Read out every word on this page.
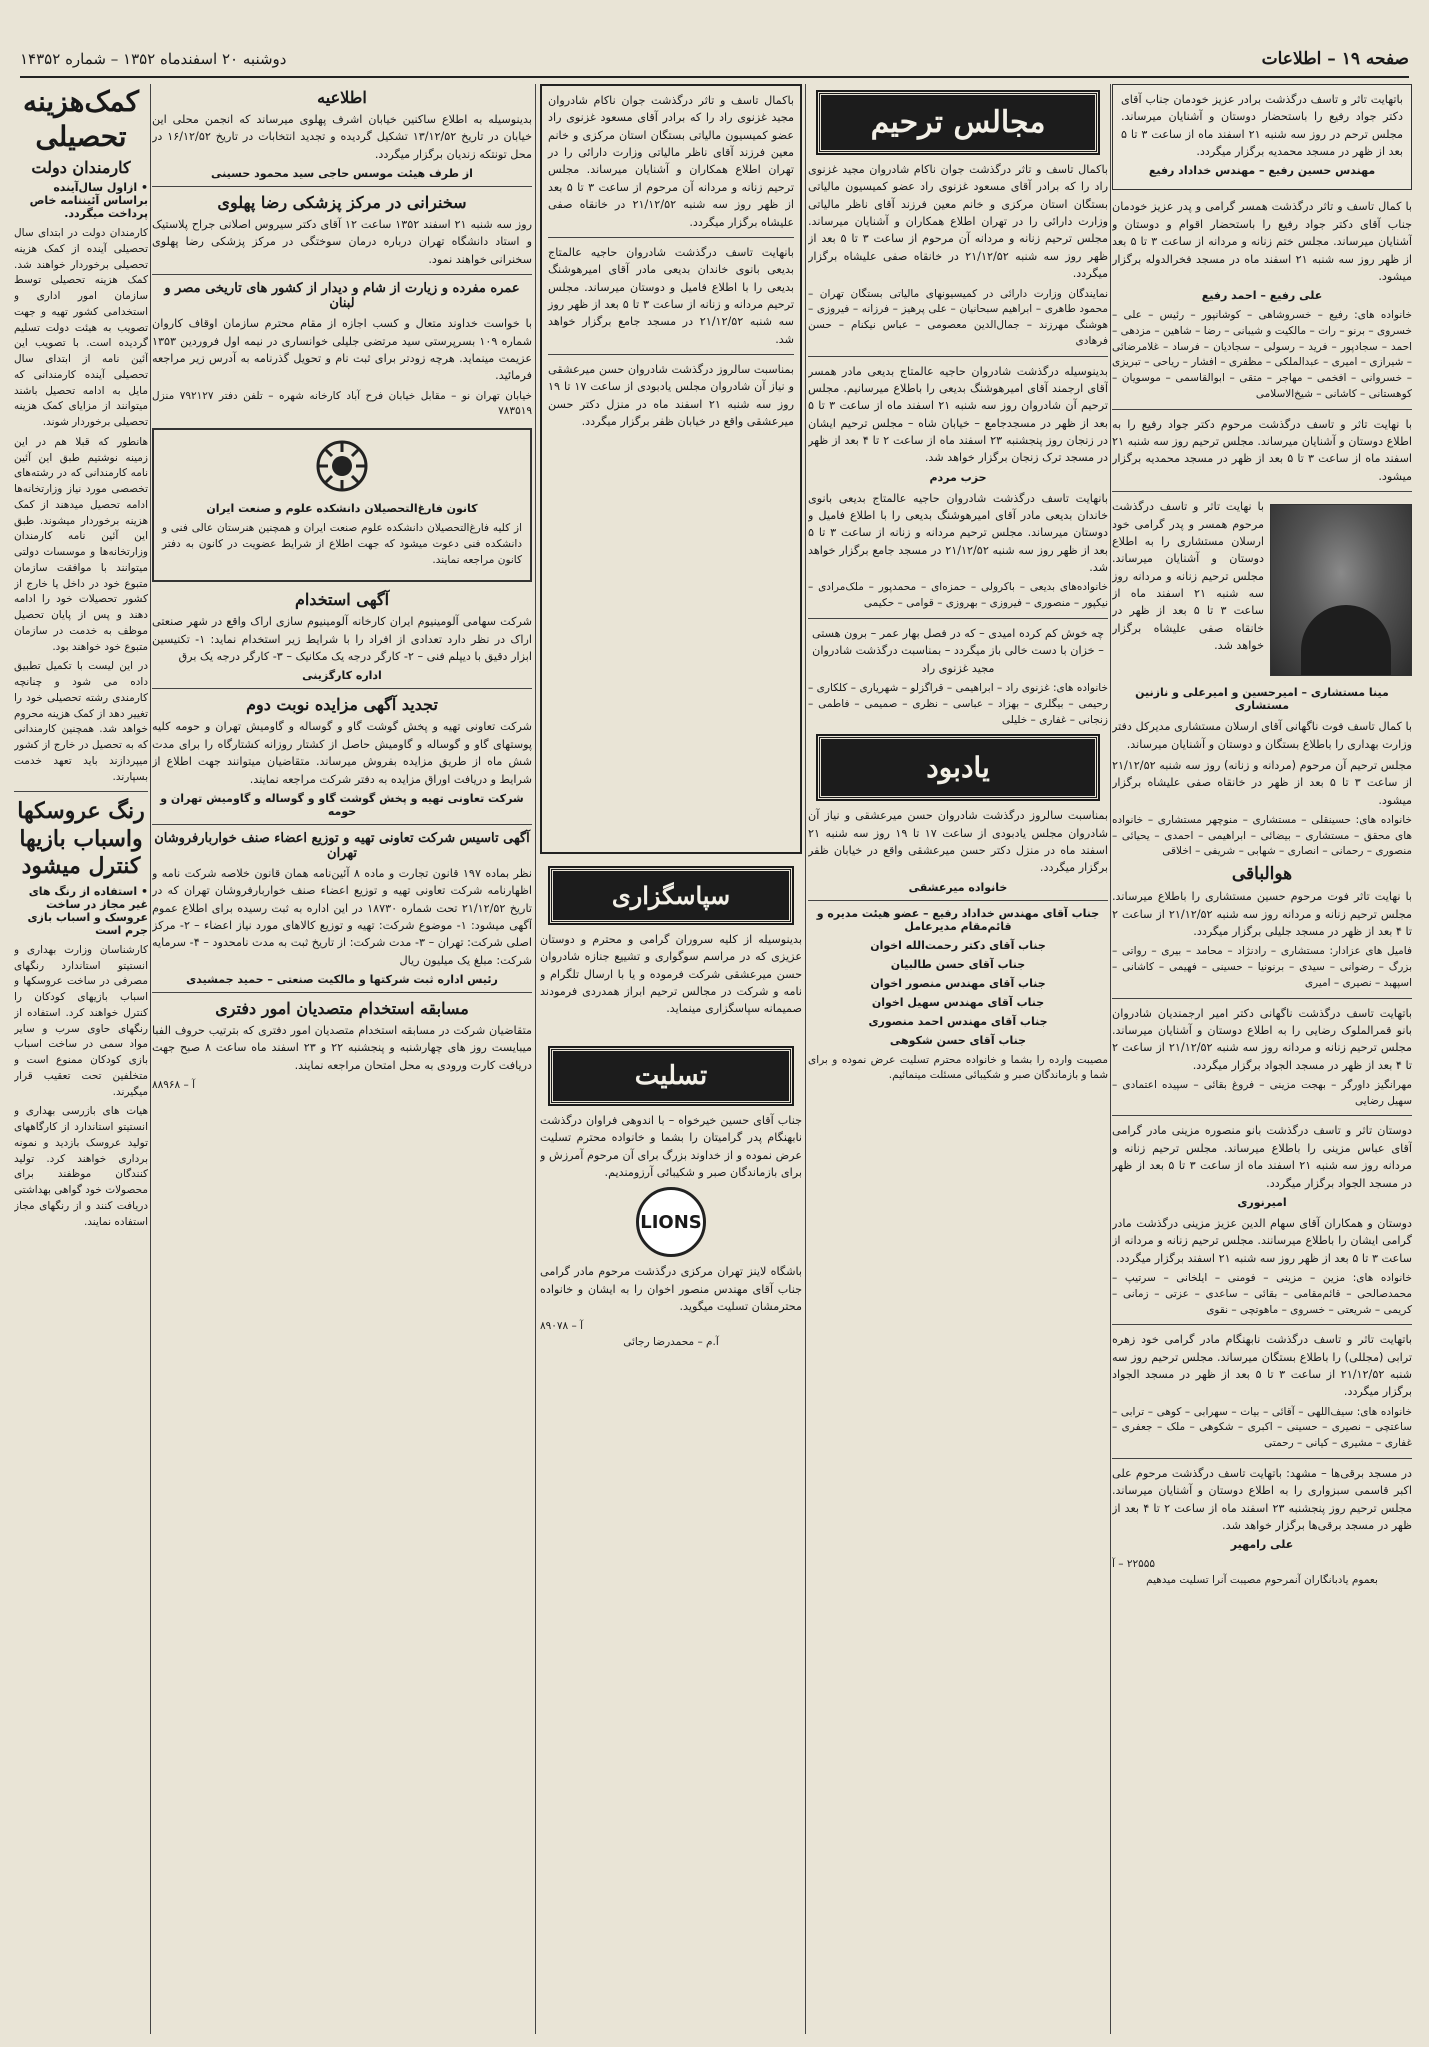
صفحه ۱۹ – اطلاعات
دوشنبه ۲۰ اسفندماه ۱۳۵۲ – شماره ۱۴۳۵۲

باتهایت تاثر و تاسف درگذشت برادر عزیز خودمان جناب آقای دکتر جواد رفیع را باستحضار دوستان و آشنایان میرساند. مجلس ترحم در روز سه شنبه ۲۱ اسفند ماه از ساعت ۳ تا ۵ بعد از ظهر در مسجد محمدیه برگزار میگردد.

مهندس حسین رفیع – مهندس خداداد رفیع

با کمال تاسف و تاثر درگذشت همسر گرامی و پدر عزیز خودمان جناب آقای دکتر جواد رفیع را باستحضار اقوام و دوستان و آشنایان میرساند. مجلس ختم زنانه و مردانه از ساعت ۳ تا ۵ بعد از ظهر روز سه شنبه ۲۱ اسفند ماه در مسجد فخرالدوله برگزار میشود.

علی رفیع – احمد رفیع

خانواده های: رفیع – خسروشاهی – کوشانپور – رئیس – علی – خسروی – برنو – رات – مالکیت و شیبانی – رضا – شاهین – مزدهی – احمد – سجادپور – فرید – رسولی – سجادیان – فرساد – غلامرضائی – شیرازی – امیری – عبدالملکی – مظفری – افشار – ریاحی – تبریزی – خسروانی – افخمی – مهاجر – متقی – ابوالقاسمی – موسویان – کوهستانی – کاشانی – شیخ‌الاسلامی

با نهایت تاثر و تاسف درگذشت مرحوم دکتر جواد رفیع را به اطلاع دوستان و آشنایان میرساند. مجلس ترحیم روز سه شنبه ۲۱ اسفند ماه از ساعت ۳ تا ۵ بعد از ظهر در مسجد محمدیه برگزار میشود.

با نهایت تاثر و تاسف درگذشت مرحوم همسر و پدر گرامی خود ارسلان مستشاری را به اطلاع دوستان و آشنایان میرساند. مجلس ترحیم زنانه و مردانه روز سه شنبه ۲۱ اسفند ماه از ساعت ۳ تا ۵ بعد از ظهر در خانقاه صفی علیشاه برگزار خواهد شد.

مینا مستشاری – امیرحسین و امیرعلی و نازنین مستشاری

با کمال تاسف فوت ناگهانی آقای ارسلان مستشاری مدیرکل دفتر وزارت بهداری را باطلاع بستگان و دوستان و آشنایان میرساند.

مجلس ترحیم آن مرحوم (مردانه و زنانه) روز سه شنبه ۲۱/۱۲/۵۲ از ساعت ۳ تا ۵ بعد از ظهر در خانقاه صفی علیشاه برگزار میشود.

خانواده های: حسینقلی – مستشاری – منوچهر مستشاری – خانواده های محقق – مستشاری – بیضائی – ابراهیمی – احمدی – یحیائی – منصوری – رحمانی – انصاری – شهابی – شریفی – اخلاقی

هوالباقی

با نهایت تاثر فوت مرحوم حسین مستشاری را باطلاع میرساند. مجلس ترحیم زنانه و مردانه روز سه شنبه ۲۱/۱۲/۵۲ از ساعت ۲ تا ۴ بعد از ظهر در مسجد جلیلی برگزار میگردد.

فامیل های عزادار: مستشاری – رادنژاد – محامد – بیری – رواتی – بزرگ – رضوانی – سیدی – برنونیا – حسینی – فهیمی – کاشانی – اسپهبد – نصیری – امیری

باتهایت تاسف درگذشت ناگهانی دکتر امیر ارجمندیان شادروان بانو قمرالملوک رضایی را به اطلاع دوستان و آشنایان میرساند. مجلس ترحیم زنانه و مردانه روز سه شنبه ۲۱/۱۲/۵۲ از ساعت ۲ تا ۴ بعد از ظهر در مسجد الجواد برگزار میگردد.

مهرانگیز داورگر – بهجت مزینی – فروغ بقائی – سپیده اعتمادی – سهیل رضایی

دوستان تاثر و تاسف درگذشت بانو منصوره مزینی مادر گرامی آقای عباس مزینی را باطلاع میرساند. مجلس ترحیم زنانه و مردانه روز سه شنبه ۲۱ اسفند ماه از ساعت ۳ تا ۵ بعد از ظهر در مسجد الجواد برگزار میگردد.

امیرنوری

دوستان و همکاران آقای سهام الدین عزیز مزینی درگذشت مادر گرامی ایشان را باطلاع میرسانند. مجلس ترحیم زنانه و مردانه از ساعت ۳ تا ۵ بعد از ظهر روز سه شنبه ۲۱ اسفند برگزار میگردد.

خانواده های: مزین – مزینی – فومنی – ایلخانی – سرتیپ – محمدصالحی – قائم‌مقامی – بقائی – ساعدی – عزتی – زمانی – کریمی – شریعتی – خسروی – ماهوتچی – نقوی

باتهایت تاثر و تاسف درگذشت نابهنگام مادر گرامی خود زهره ترابی (مجللی) را باطلاع بستگان میرساند. مجلس ترحیم روز سه شنبه ۲۱/۱۲/۵۲ از ساعت ۳ تا ۵ بعد از ظهر در مسجد الجواد برگزار میگردد.

خانواده های: سیف‌اللهی – آقائی – بیات – سهرابی – کوهی – ترابی – ساعتچی – نصیری – حسینی – اکبری – شکوهی – ملک – جعفری – غفاری – مشیری – کیانی – رحمتی

در مسجد برقی‌ها – مشهد: باتهایت تاسف درگذشت مرحوم علی اکبر قاسمی سبزواری را به اطلاع دوستان و آشنایان میرساند. مجلس ترحیم روز پنجشنبه ۲۳ اسفند ماه از ساعت ۲ تا ۴ بعد از ظهر در مسجد برقی‌ها برگزار خواهد شد.

علی رامهیر
۲۲۵۵۵ – آ
بعموم یادبانگاران آنمرحوم مصیبت آنرا تسلیت میدهیم
مجالس ترحیم

باکمال تاسف و تاثر درگذشت جوان ناکام شادروان مجید غزنوی راد را که برادر آقای مسعود غزنوی راد عضو کمیسیون مالیاتی بستگان استان مرکزی و خانم معین فرزند آقای ناظر مالیاتی وزارت دارائی را در تهران اطلاع همکاران و آشنایان میرساند. مجلس ترحیم زنانه و مردانه آن مرحوم از ساعت ۳ تا ۵ بعد از ظهر روز سه شنبه ۲۱/۱۲/۵۲ در خانقاه صفی علیشاه برگزار میگردد.

نمایندگان وزارت دارائی در کمیسیونهای مالیاتی بستگان تهران – محمود طاهری – ابراهیم سبحانیان – علی پرهیز – فرزانه – فیروزی – هوشنگ مهرزند – جمال‌الدین معصومی – عباس نیکنام – حسن فرهادی

بدینوسیله درگذشت شادروان حاجیه عالمتاج بدیعی مادر همسر آقای ارجمند آقای امیرهوشنگ بدیعی را باطلاع میرسانیم. مجلس ترحیم آن شادروان روز سه شنبه ۲۱ اسفند ماه از ساعت ۳ تا ۵ بعد از ظهر در مسجدجامع – خیابان شاه – مجلس ترحیم ایشان در زنجان روز پنجشنبه ۲۳ اسفند ماه از ساعت ۲ تا ۴ بعد از ظهر در مسجد ترک زنجان برگزار خواهد شد.

حزب مردم

بانهایت تاسف درگذشت شادروان حاجیه عالمتاج بدیعی بانوی خاندان بدیعی مادر آقای امیرهوشنگ بدیعی را با اطلاع فامیل و دوستان میرساند. مجلس ترحیم مردانه و زنانه از ساعت ۳ تا ۵ بعد از ظهر روز سه شنبه ۲۱/۱۲/۵۲ در مسجد جامع برگزار خواهد شد.

خانواده‌های بدیعی – باکرولی – حمزه‌ای – محمدپور – ملک‌مرادی – نیکپور – منصوری – فیروزی – بهروزی – قوامی – حکیمی

چه خوش کم کرده امیدی – که در فصل بهار عمر – برون هستی – خزان با دست خالی باز میگردد – بمناسبت درگذشت شادروان مجید غزنوی راد

خانواده های: غزنوی راد – ابراهیمی – قراگزلو – شهریاری – کلکاری – رحیمی – بیگلری – بهزاد – عباسی – نظری – صمیمی – فاطمی – زنجانی – غفاری – خلیلی

یادبود

بمناسبت سالروز درگذشت شادروان حسن میرعشقی و نیاز آن شادروان مجلس یادبودی از ساعت ۱۷ تا ۱۹ روز سه شنبه ۲۱ اسفند ماه در منزل دکتر حسن میرعشقی واقع در خیابان ظفر برگزار میگردد.

خانواده میرعشقی
جناب آقای مهندس خداداد رفیع – عضو هیئت مدیره و قائم‌مقام مدیرعامل
جناب آقای دکتر رحمت‌الله اخوان
جناب آقای حسن طالبیان
جناب آقای مهندس منصور اخوان
جناب آقای مهندس سهیل اخوان
جناب آقای مهندس احمد منصوری
جناب آقای حسن شکوهی

مصیبت وارده را بشما و خانواده محترم تسلیت عرض نموده و برای شما و بازماندگان صبر و شکیبائی مسئلت مینمائیم.

سپاسگزاری

بدینوسیله از کلیه سروران گرامی و محترم و دوستان عزیزی که در مراسم سوگواری و تشییع جنازه شادروان حسن میرعشقی شرکت فرموده و یا با ارسال تلگرام و نامه و شرکت در مجالس ترحیم ابراز همدردی فرمودند صمیمانه سپاسگزاری مینماید.

تسلیت

جناب آقای حسین خیرخواه – با اندوهی فراوان درگذشت نابهنگام پدر گرامیتان را بشما و خانواده محترم تسلیت عرض نموده و از خداوند بزرگ برای آن مرحوم آمرزش و برای بازماندگان صبر و شکیبائی آرزومندیم.

LIONS

باشگاه لاینز تهران مرکزی درگذشت مرحوم مادر گرامی جناب آقای مهندس منصور اخوان را به ایشان و خانواده محترمشان تسلیت میگوید.

آ – ۸۹۰۷۸
آ.م – محمدرضا رجائی

باکمال تاسف و تاثر درگذشت جوان ناکام شادروان مجید غزنوی راد را که برادر آقای مسعود غزنوی راد عضو کمیسیون مالیاتی بستگان استان مرکزی و خانم معین فرزند آقای ناظر مالیاتی وزارت دارائی را در تهران اطلاع همکاران و آشنایان میرساند. مجلس ترحیم زنانه و مردانه آن مرحوم از ساعت ۳ تا ۵ بعد از ظهر روز سه شنبه ۲۱/۱۲/۵۲ در خانقاه صفی علیشاه برگزار میگردد.

بانهایت تاسف درگذشت شادروان حاجیه عالمتاج بدیعی بانوی خاندان بدیعی مادر آقای امیرهوشنگ بدیعی را با اطلاع فامیل و دوستان میرساند. مجلس ترحیم مردانه و زنانه از ساعت ۳ تا ۵ بعد از ظهر روز سه شنبه ۲۱/۱۲/۵۲ در مسجد جامع برگزار خواهد شد.

بمناسبت سالروز درگذشت شادروان حسن میرعشقی و نیاز آن شادروان مجلس یادبودی از ساعت ۱۷ تا ۱۹ روز سه شنبه ۲۱ اسفند ماه در منزل دکتر حسن میرعشقی واقع در خیابان ظفر برگزار میگردد.

اطلاعیه

بدینوسیله به اطلاع ساکنین خیابان اشرف پهلوی میرساند که انجمن محلی این خیابان در تاریخ ۱۳/۱۲/۵۲ تشکیل گردیده و تجدید انتخابات در تاریخ ۱۶/۱۲/۵۲ در محل تونتکه زندیان برگزار میگردد.

از طرف هیئت موسس حاجی سید محمود حسینی
سخنرانی در مرکز پزشکی رضا پهلوی

روز سه شنبه ۲۱ اسفند ۱۳۵۲ ساعت ۱۲ آقای دکتر سیروس اصلانی جراح پلاستیک و استاد دانشگاه تهران درباره درمان سوختگی در مرکز پزشکی رضا پهلوی سخنرانی خواهند نمود.

عمره مفرده و زیارت از شام و دیدار از کشور های تاریخی مصر و لبنان

با خواست خداوند متعال و کسب اجازه از مقام محترم سازمان اوقاف کاروان شماره ۱۰۹ بسرپرستی سید مرتضی جلیلی خوانساری در نیمه اول فروردین ۱۳۵۳ عزیمت مینماید. هرچه زودتر برای ثبت نام و تحویل گذرنامه به آدرس زیر مراجعه فرمائید.

خیابان تهران نو – مقابل خیابان فرح آباد کارخانه شهره – تلفن دفتر ۷۹۲۱۲۷ منزل ۷۸۳۵۱۹

کانون فارغ‌التحصیلان دانشکده علوم و صنعت ایران

از کلیه فارغ‌التحصیلان دانشکده علوم صنعت ایران و همچنین هنرستان عالی فنی و دانشکده فنی دعوت میشود که جهت اطلاع از شرایط عضویت در کانون به دفتر کانون مراجعه نمایند.

آگهی استخدام

شرکت سهامی آلومینیوم ایران کارخانه آلومینیوم سازی اراک واقع در شهر صنعتی اراک در نظر دارد تعدادی از افراد را با شرایط زیر استخدام نماید: ۱- تکنیسین ابزار دقیق با دیپلم فنی – ۲- کارگر درجه یک مکانیک – ۳- کارگر درجه یک برق

اداره کارگزینی
تجدید آگهی مزایده نوبت دوم

شرکت تعاونی تهیه و پخش گوشت گاو و گوساله و گاومیش تهران و حومه کلیه پوستهای گاو و گوساله و گاومیش حاصل از کشتار روزانه کشتارگاه را برای مدت شش ماه از طریق مزایده بفروش میرساند. متقاضیان میتوانند جهت اطلاع از شرایط و دریافت اوراق مزایده به دفتر شرکت مراجعه نمایند.

شرکت تعاونی تهیه و پخش گوشت گاو و گوساله و گاومیش تهران و حومه
آگهی تاسیس شرکت تعاونی تهیه و توزیع اعضاء صنف خواربارفروشان تهران

نظر بماده ۱۹۷ قانون تجارت و ماده ۸ آئین‌نامه همان قانون خلاصه شرکت نامه و اظهارنامه شرکت تعاونی تهیه و توزیع اعضاء صنف خواربارفروشان تهران که در تاریخ ۲۱/۱۲/۵۲ تحت شماره ۱۸۷۳۰ در این اداره به ثبت رسیده برای اطلاع عموم آگهی میشود: ۱- موضوع شرکت: تهیه و توزیع کالاهای مورد نیاز اعضاء – ۲- مرکز اصلی شرکت: تهران – ۳- مدت شرکت: از تاریخ ثبت به مدت نامحدود – ۴- سرمایه شرکت: مبلغ یک میلیون ریال

رئیس اداره ثبت شرکتها و مالکیت صنعتی – حمید جمشیدی
مسابقه استخدام متصدیان امور دفتری

متقاضیان شرکت در مسابقه استخدام متصدیان امور دفتری که بترتیب حروف الفبا میبایست روز های چهارشنبه و پنجشنبه ۲۲ و ۲۳ اسفند ماه ساعت ۸ صبح جهت دریافت کارت ورودی به محل امتحان مراجعه نمایند.

آ – ۸۸۹۶۸
کمک‌هزینه تحصیلی
کارمندان دولت
• ازاول سال‌آینده براساس آئیننامه خاص پرداخت میگردد.

کارمندان دولت در ابتدای سال تحصیلی آینده از کمک هزینه تحصیلی برخوردار خواهند شد. کمک هزینه تحصیلی توسط سازمان امور اداری و استخدامی کشور تهیه و جهت تصویب به هیئت دولت تسلیم گردیده است. با تصویب این آئین نامه از ابتدای سال تحصیلی آینده کارمندانی که مایل به ادامه تحصیل باشند میتوانند از مزایای کمک هزینه تحصیلی برخوردار شوند.

هانطور که قبلا هم در این زمینه نوشتیم طبق این آئین نامه کارمندانی که در رشته‌های تخصصی مورد نیاز وزارتخانه‌ها ادامه تحصیل میدهند از کمک هزینه برخوردار میشوند. طبق این آئین نامه کارمندان وزارتخانه‌ها و موسسات دولتی میتوانند با موافقت سازمان متبوع خود در داخل یا خارج از کشور تحصیلات خود را ادامه دهند و پس از پایان تحصیل موظف به خدمت در سازمان متبوع خود خواهند بود.

در این لیست با تکمیل تطبیق داده می شود و چنانچه کارمندی رشته تحصیلی خود را تغییر دهد از کمک هزینه محروم خواهد شد. همچنین کارمندانی که به تحصیل در خارج از کشور میپردازند باید تعهد خدمت بسپارند.

رنگ عروسکها واسباب بازیها کنترل میشود
• استفاده از رنگ های غیر مجاز در ساخت عروسک و اسباب بازی جرم است

کارشناسان وزارت بهداری و انستیتو استاندارد رنگهای مصرفی در ساخت عروسکها و اسباب بازیهای کودکان را کنترل خواهند کرد. استفاده از رنگهای حاوی سرب و سایر مواد سمی در ساخت اسباب بازی کودکان ممنوع است و متخلفین تحت تعقیب قرار میگیرند.

هیات های بازرسی بهداری و انستیتو استاندارد از کارگاههای تولید عروسک بازدید و نمونه برداری خواهند کرد. تولید کنندگان موظفند برای محصولات خود گواهی بهداشتی دریافت کنند و از رنگهای مجاز استفاده نمایند.
